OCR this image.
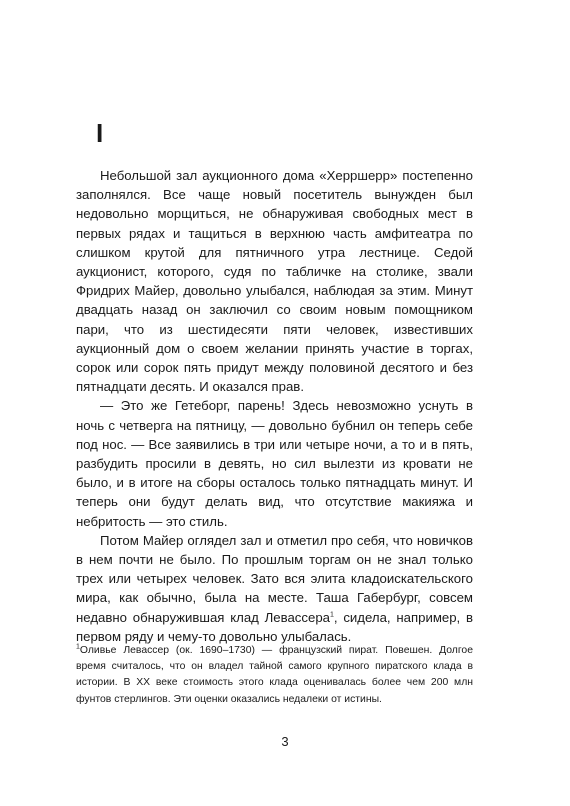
I

Небольшой зал аукционного дома «Херршерр» постепенно заполнялся. Все чаще новый посетитель вынужден был недовольно морщиться, не обнаруживая свободных мест в первых рядах и тащиться в верхнюю часть амфитеатра по слишком крутой для пятничного утра лестнице. Седой аукционист, которого, судя по табличке на столике, звали Фридрих Майер, довольно улыбался, наблюдая за этим. Минут двадцать назад он заключил со своим новым помощником пари, что из шестидесяти пяти человек, известивших аукционный дом о своем желании принять участие в торгах, сорок или сорок пять придут между половиной десятого и без пятнадцати десять. И оказался прав.

— Это же Гетеборг, парень! Здесь невозможно уснуть в ночь с четверга на пятницу, — довольно бубнил он теперь себе под нос. — Все заявились в три или четыре ночи, а то и в пять, разбудить просили в девять, но сил вылезти из кровати не было, и в итоге на сборы осталось только пятнадцать минут. И теперь они будут делать вид, что отсутствие макияжа и небритость — это стиль.

Потом Майер оглядел зал и отметил про себя, что новичков в нем почти не было. По прошлым торгам он не знал только трех или четырех человек. Зато вся элита кладоискательского мира, как обычно, была на месте. Таша Габербург, совсем недавно обнаружившая клад Левассера$^1$, сидела, например, в первом ряду и чему-то довольно улыбалась.

$^1$Оливье Левассер (ок. 1690–1730) — французский пират. Повешен. Долгое время считалось, что он владел тайной самого крупного пиратского клада в истории. В XX веке стоимость этого клада оценивалась более чем 200 млн фунтов стерлингов. Эти оценки оказались недалеки от истины.

3
